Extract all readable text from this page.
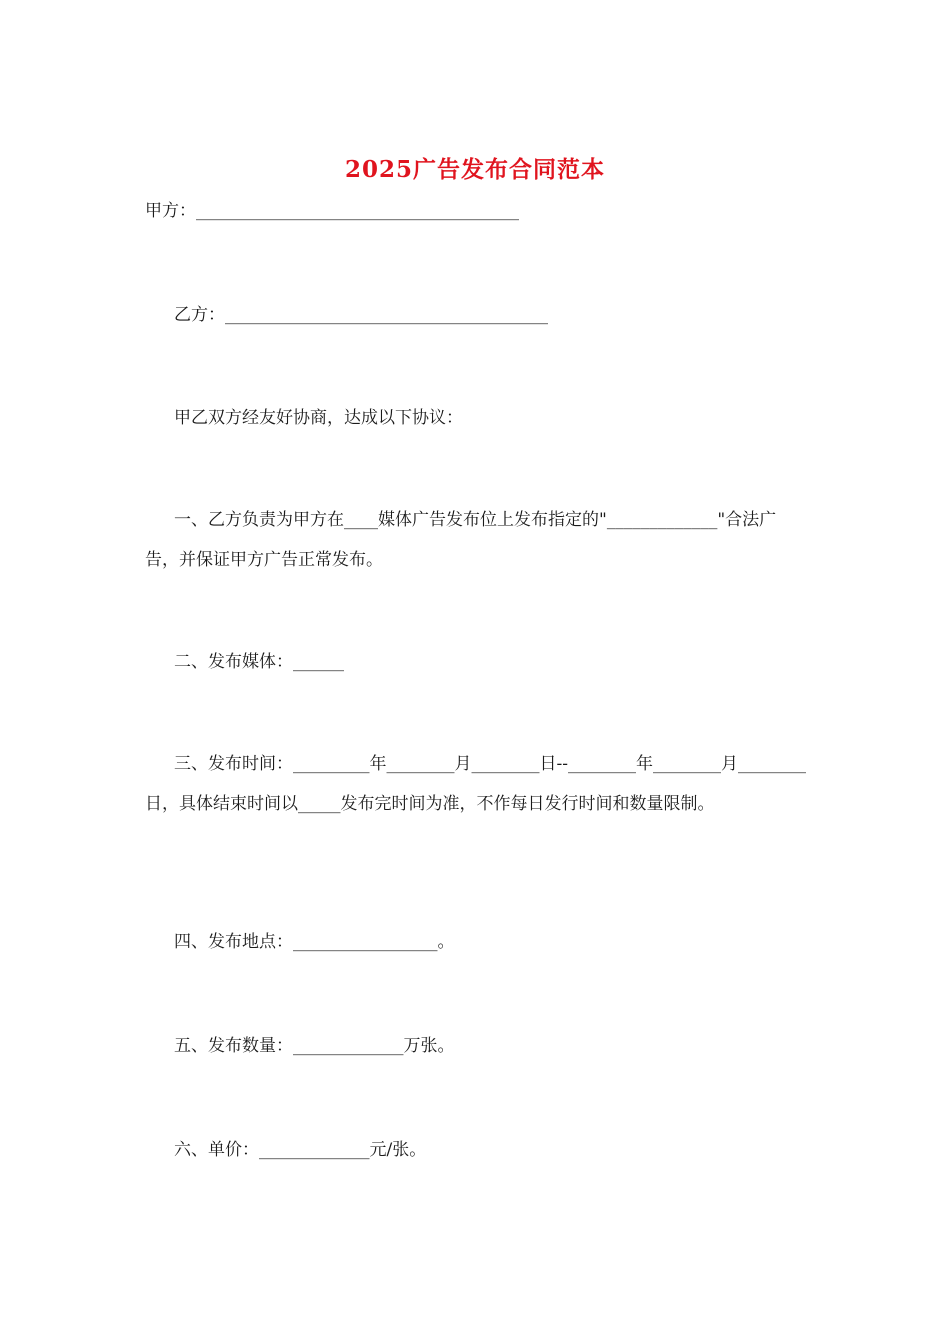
2025广告发布合同范本

甲方：______________________________________

乙方：______________________________________

甲乙双方经友好协商，达成以下协议：

一、乙方负责为甲方在____媒体广告发布位上发布指定的"_____________"合法广告，并保证甲方广告正常发布。

二、发布媒体：______

三、发布时间：_________年________月________日--________年________月________日，具体结束时间以_____发布完时间为准，不作每日发行时间和数量限制。

四、发布地点：_________________。

五、发布数量：_____________万张。

六、单价：_____________元/张。
